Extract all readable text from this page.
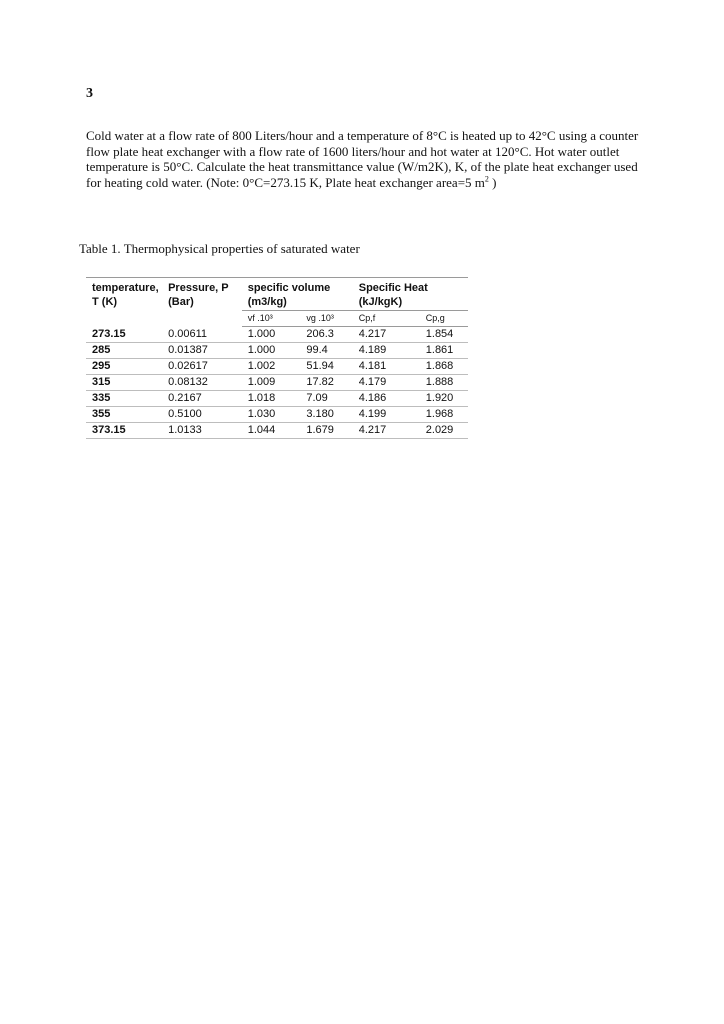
3
Cold water at a flow rate of 800 Liters/hour and a temperature of 8°C is heated up to 42°C using a counter flow plate heat exchanger with a flow rate of 1600 liters/hour and hot water at 120°C. Hot water outlet temperature is 50°C. Calculate the heat transmittance value (W/m2K), K, of the plate heat exchanger used for heating cold water. (Note: 0°C=273.15 K, Plate heat exchanger area=5 $m^2$ )
Table 1. Thermophysical properties of saturated water
temperature, T (K)	Pressure, P (Bar)	specific volume (m3/kg)		Specific Heat (kJ/kgK)	
		vf .10³	vg .10³	Cp,f	Cp,g
273.15	0.00611	1.000	206.3	4.217	1.854
285	0.01387	1.000	99.4	4.189	1.861
295	0.02617	1.002	51.94	4.181	1.868
315	0.08132	1.009	17.82	4.179	1.888
335	0.2167	1.018	7.09	4.186	1.920
355	0.5100	1.030	3.180	4.199	1.968
373.15	1.0133	1.044	1.679	4.217	2.029
